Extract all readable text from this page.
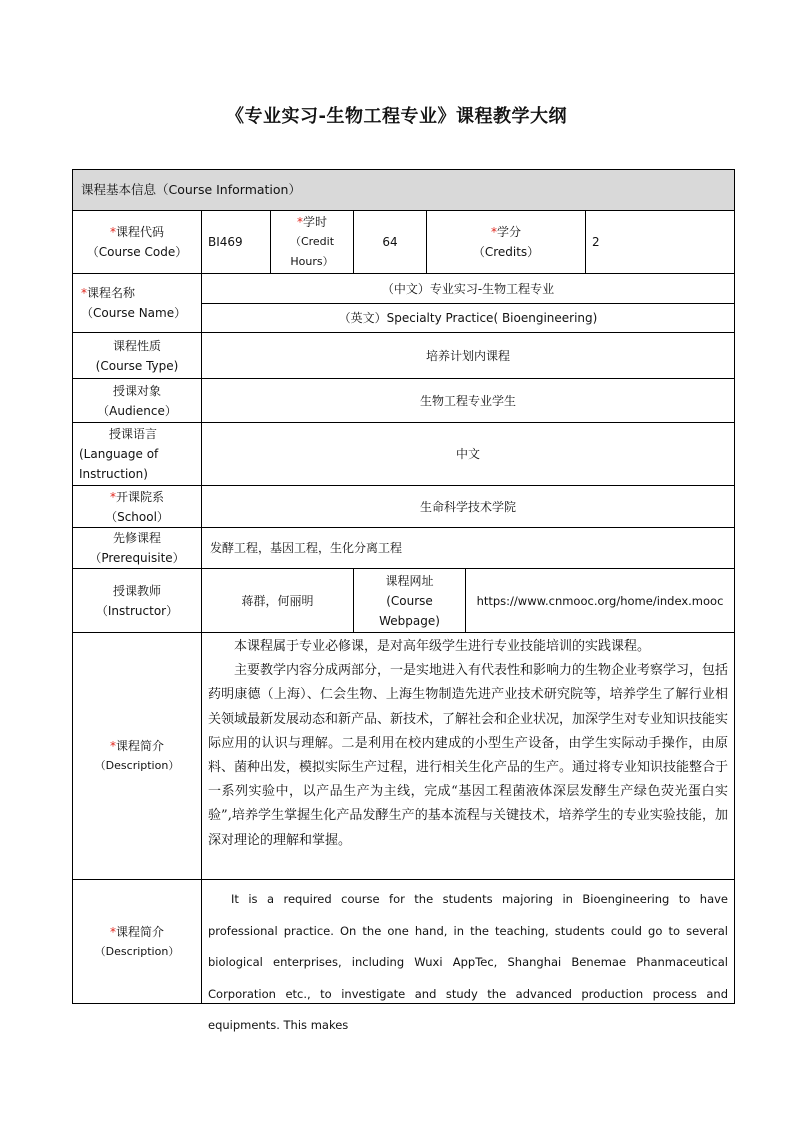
《专业实习-生物工程专业》课程教学大纲
课程基本信息（Course Information）
*课程代码
（Course Code）
BI469
*学时
（Credit
Hours）
64
*学分
（Credits）
2
*课程名称
（Course Name）
（中文）专业实习-生物工程专业
（英文）Specialty Practice( Bioengineering)
课程性质
(Course Type)
培养计划内课程
授课对象
（Audience）
生物工程专业学生
授课语言
(Language of
Instruction)
中文
*开课院系
（School）
生命科学技术学院
先修课程
（Prerequisite）
发酵工程，基因工程，生化分离工程
授课教师
（Instructor）
蒋群，何丽明
课程网址
(Course
Webpage)
https://www.cnmooc.org/home/index.mooc
*课程简介
（Description）

本课程属于专业必修课，是对高年级学生进行专业技能培训的实践课程。

主要教学内容分成两部分，一是实地进入有代表性和影响力的生物企业考察学习，包括药明康德（上海）、仁会生物、上海生物制造先进产业技术研究院等，培养学生了解行业相关领域最新发展动态和新产品、新技术，了解社会和企业状况，加深学生对专业知识技能实际应用的认识与理解。二是利用在校内建成的小型生产设备，由学生实际动手操作，由原料、菌种出发，模拟实际生产过程，进行相关生化产品的生产。通过将专业知识技能整合于一系列实验中，以产品生产为主线，完成“基因工程菌液体深层发酵生产绿色荧光蛋白实验”,培养学生掌握生化产品发酵生产的基本流程与关键技术，培养学生的专业实验技能，加深对理论的理解和掌握。

*课程简介
（Description）

It is a required course for the students majoring in Bioengineering to have professional practice. On the one hand, in the teaching, students could go to several biological enterprises, including Wuxi AppTec, Shanghai Benemae Phanmaceutical Corporation etc., to investigate and study the advanced production process and equipments. This makes
